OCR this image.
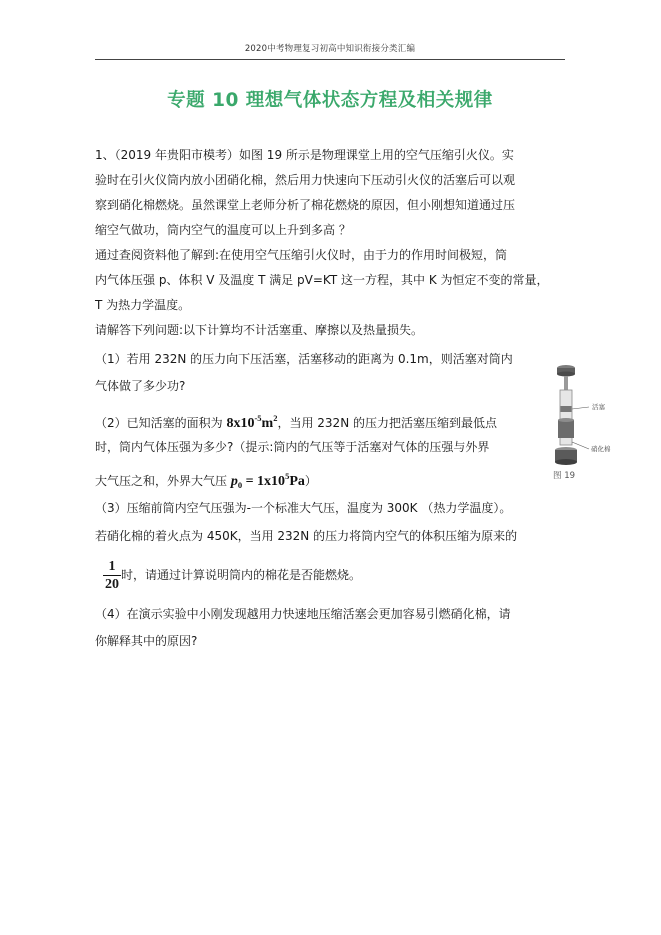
2020中考物理复习初高中知识衔接分类汇编
专题 10 理想气体状态方程及相关规律
1、（2019 年贵阳市模考）如图 19 所示是物理课堂上用的空气压缩引火仪。实
验时在引火仪筒内放小团硝化棉，然后用力快速向下压动引火仪的活塞后可以观
察到硝化棉燃烧。虽然课堂上老师分析了棉花燃烧的原因，但小刚想知道通过压
缩空气做功，筒内空气的温度可以上升到多高 ？
通过查阅资料他了解到:在使用空气压缩引火仪时，由于力的作用时间极短，筒
内气体压强 p、体积 V 及温度 T 满足 pV=KT 这一方程，其中 K 为恒定不变的常量，
T 为热力学温度。
请解答下列问题:以下计算均不计活塞重、摩擦以及热量损失。
（1）若用 232N 的压力向下压活塞，活塞移动的距离为 0.1m，则活塞对筒内
气体做了多少功?
（2）已知活塞的面积为 $8x10^{-5}m^2$，当用 232N 的压力把活塞压缩到最低点
时，筒内气体压强为多少?（提示:筒内的气压等于活塞对气体的压强与外界
大气压之和，外界大气压 $p_0 = 1x10^5Pa$）
（3）压缩前筒内空气压强为-一个标准大气压，温度为 300K （热力学温度）。
若硝化棉的着火点为 450K，当用 232N 的压力将筒内空气的体积压缩为原来的
1
20
时，请通过计算说明筒内的棉花是否能燃烧。
（4）在演示实验中小刚发现越用力快速地压缩活塞会更加容易引燃硝化棉，请
你解释其中的原因?
活塞
硝化棉
图 19
